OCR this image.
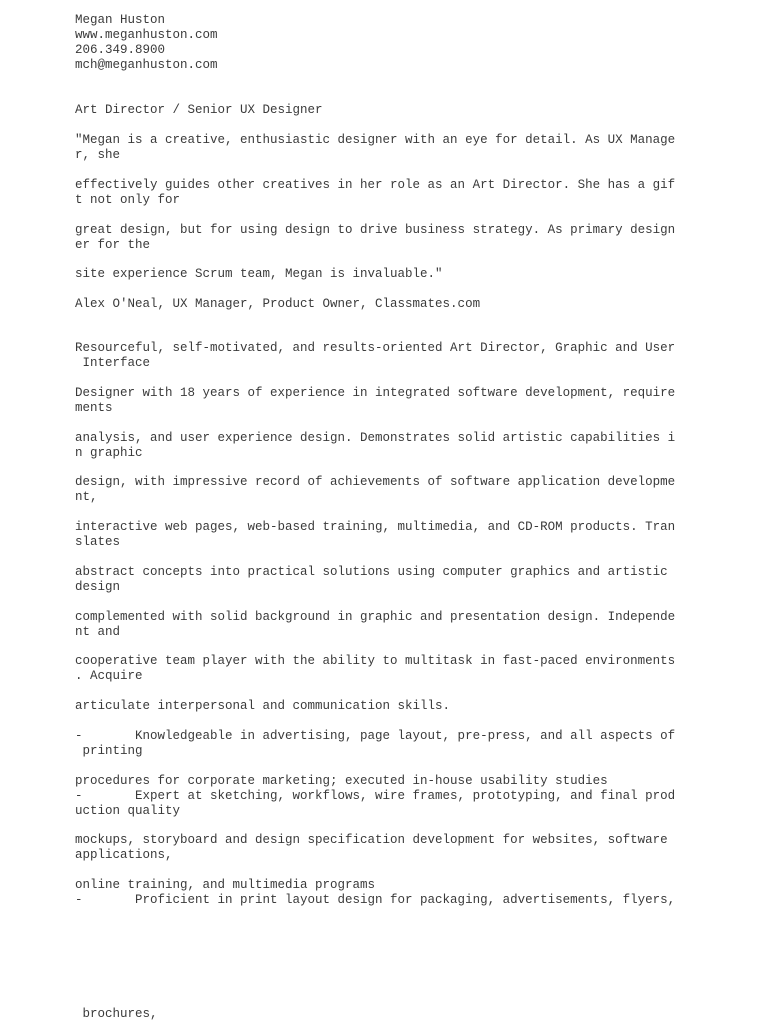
Megan Huston
www.meganhuston.com
206.349.8900
mch@meganhuston.com
Art Director / Senior UX Designer
"Megan is a creative, enthusiastic designer with an eye for detail. As UX Manage
r, she
effectively guides other creatives in her role as an Art Director. She has a gif
t not only for
great design, but for using design to drive business strategy. As primary design
er for the
site experience Scrum team, Megan is invaluable."
Alex O'Neal, UX Manager, Product Owner, Classmates.com
Resourceful, self-motivated, and results-oriented Art Director, Graphic and User
Interface
Designer with 18 years of experience in integrated software development, require
ments
analysis, and user experience design. Demonstrates solid artistic capabilities i
n graphic
design, with impressive record of achievements of software application developme
nt,
interactive web pages, web-based training, multimedia, and CD-ROM products. Tran
slates
abstract concepts into practical solutions using computer graphics and artistic
design
complemented with solid background in graphic and presentation design. Independe
nt and
cooperative team player with the ability to multitask in fast-paced environments
. Acquire
articulate interpersonal and communication skills.
-       Knowledgeable in advertising, page layout, pre-press, and all aspects of
printing
procedures for corporate marketing; executed in-house usability studies
-       Expert at sketching, workflows, wire frames, prototyping, and final prod
uction quality
mockups, storyboard and design specification development for websites, software
applications,
online training, and multimedia programs
-       Proficient in print layout design for packaging, advertisements, flyers,
brochures,
